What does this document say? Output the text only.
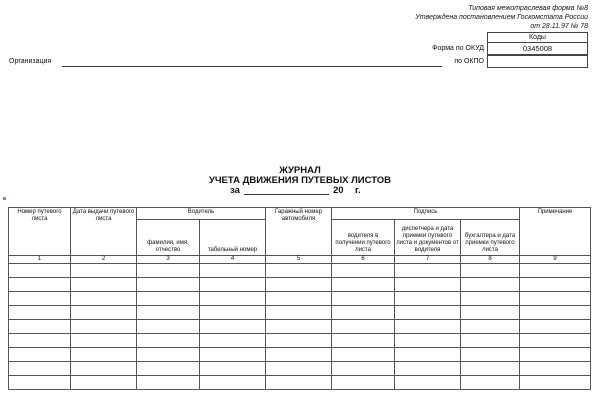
Типовая межотраслевая форма №8
Утверждена постановлением Госкомстата России
от 28.11.97 № 78
Коды
Форма по ОКУД	0345008
по ОКПО
Организация
ЖУРНАЛ
УЧЕТА ДВИЖЕНИЯ ПУТЕВЫХ ЛИСТОВ
за	20 г.
Номер путевого листа	Дата выдачи путевого листа	Водитель		Гаражный номер автомобиля	Подпись			Примечание
		фамилия, имя, отчество	табельный номер		водителя в получении путевого листа	диспетчера и дата приемки путевого листа и документов от водителя	бухгалтера и дата приемки путевого листа	
1	2	3	4	5	6	7	8	9
